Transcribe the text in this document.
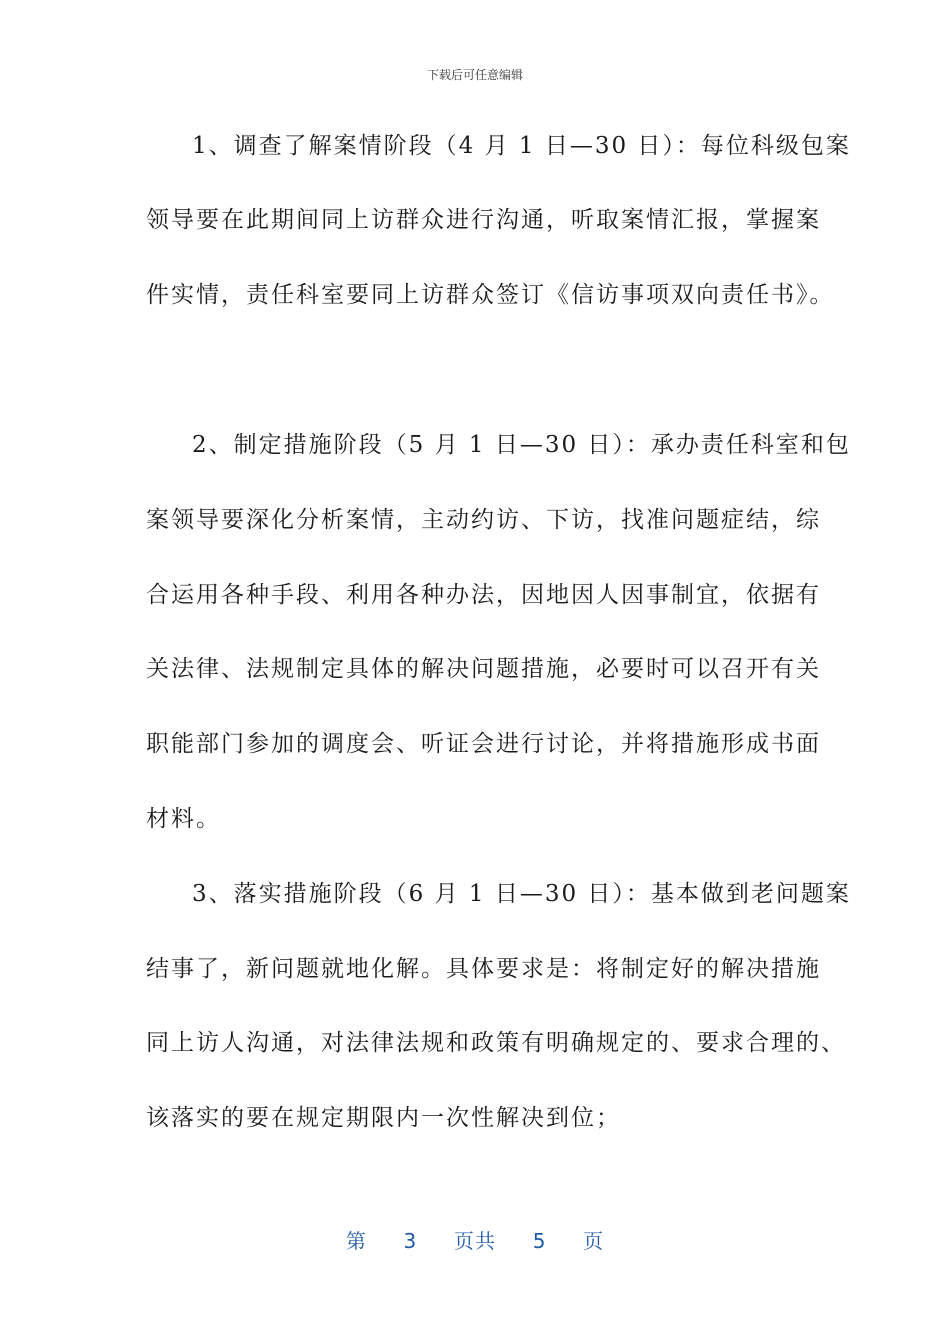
下载后可任意编辑
1、调查了解案情阶段（4 月 1 日—30 日）：每位科级包案
领导要在此期间同上访群众进行沟通，听取案情汇报，掌握案
件实情，责任科室要同上访群众签订《信访事项双向责任书》。
2、制定措施阶段（5 月 1 日—30 日）：承办责任科室和包
案领导要深化分析案情，主动约访、下访，找准问题症结，综
合运用各种手段、利用各种办法，因地因人因事制宜，依据有
关法律、法规制定具体的解决问题措施，必要时可以召开有关
职能部门参加的调度会、听证会进行讨论，并将措施形成书面
材料。
3、落实措施阶段（6 月 1 日—30 日）：基本做到老问题案
结事了，新问题就地化解。具体要求是：将制定好的解决措施
同上访人沟通，对法律法规和政策有明确规定的、要求合理的、
该落实的要在规定期限内一次性解决到位；
第 3 页共 5 页
